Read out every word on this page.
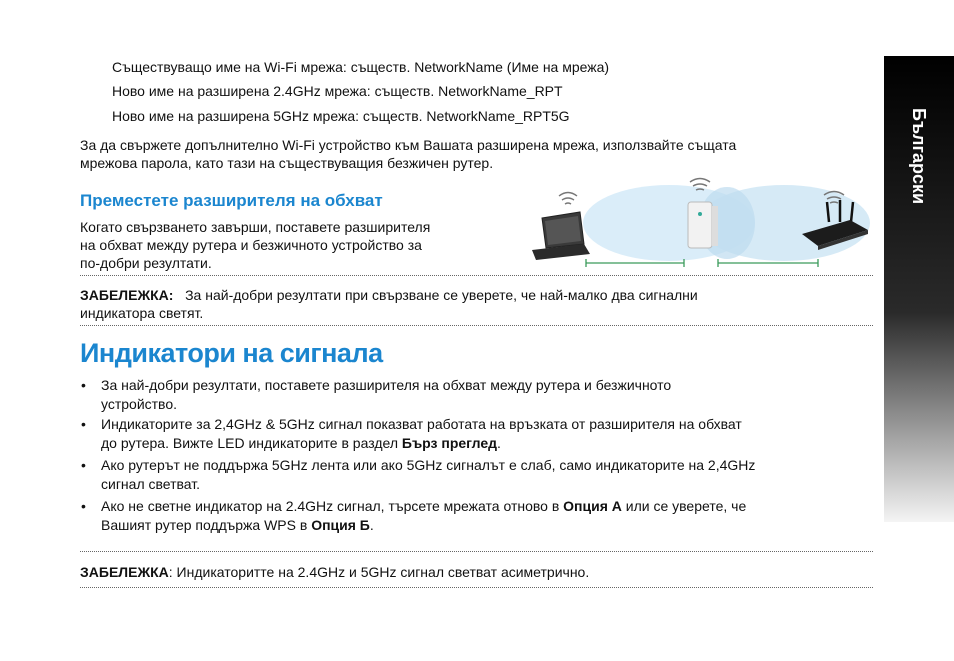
Български
Съществуващо име на Wi-Fi мрежа: съществ. NetworkName (Име на мрежа)
Ново име на разширена 2.4GHz мрежа: съществ. NetworkName_RPT
Ново име на разширена 5GHz мрежа: съществ. NetworkName_RPT5G
За да свържете допълнително Wi-Fi устройство към Вашата разширена мрежа, използвайте същата
мрежова парола, като тази на съществуващия безжичен рутер.
Преместете разширителя на обхват
Когато свързването завърши, поставете разширителя
на обхват между рутера и безжичното устройство за
по-добри резултати.
ЗАБЕЛЕЖКА: За най-добри резултати при свързване се уверете, че най-малко два сигнални
индикатора светят.
Индикатори на сигнала
• За най-добри резултати, поставете разширителя на обхват между рутера и безжичното
устройство.
• Индикаторите за 2,4GHz & 5GHz сигнал показват работата на връзката от разширителя на обхват
до рутера. Вижте LED индикаторите в раздел Бърз преглед.
• Ако рутерът не поддържа 5GHz лента или ако 5GHz сигналът е слаб, само индикаторите на 2,4GHz
сигнал светват.
• Ако не светне индикатор на 2.4GHz сигнал, търсете мрежата отново в Опция А или се уверете, че
Вашият рутер поддържа WPS в Опция Б.
ЗАБЕЛЕЖКА: Индикаторитте на 2.4GHz и 5GHz сигнал светват асиметрично.
